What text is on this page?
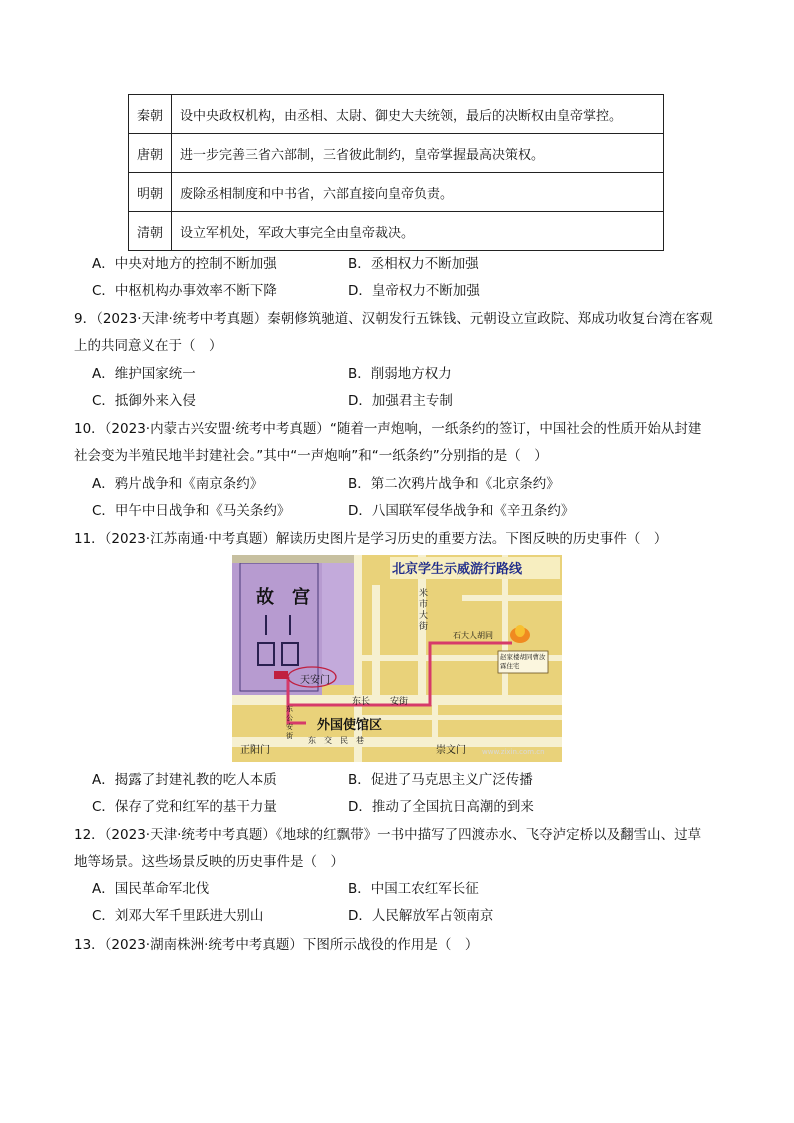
秦朝	设中央政权机构，由丞相、太尉、御史大夫统领，最后的决断权由皇帝掌控。
唐朝	进一步完善三省六部制，三省彼此制约，皇帝掌握最高决策权。
明朝	废除丞相制度和中书省，六部直接向皇帝负责。
清朝	设立军机处，军政大事完全由皇帝裁决。
A．中央对地方的控制不断加强	B．丞相权力不断加强
C．中枢机构办事效率不断下降	D．皇帝权力不断加强
9．（2023·天津·统考中考真题）秦朝修筑驰道、汉朝发行五铢钱、元朝设立宣政院、郑成功收复台湾在客观上的共同意义在于（　）
A．维护国家统一	B．削弱地方权力
C．抵御外来入侵	D．加强君主专制
10．（2023·内蒙古兴安盟·统考中考真题）“随着一声炮响，一纸条约的签订，中国社会的性质开始从封建社会变为半殖民地半封建社会。”其中“一声炮响”和“一纸条约”分别指的是（　）
A．鸦片战争和《南京条约》	B．第二次鸦片战争和《北京条约》
C．甲午中日战争和《马关条约》	D．八国联军侵华战争和《辛丑条约》
11．（2023·江苏南通·中考真题）解读历史图片是学习历史的重要方法。下图反映的历史事件（　）
北京学生示威游行路线
故　宫
天安门
外国使馆区
正阳门	崇文门
东长 安街
米市大街
石大人胡同
赵家楼胡同曹汝霖住宅
东　交　民　巷
东公安街
www.zixin.com.cn
A．揭露了封建礼教的吃人本质	B．促进了马克思主义广泛传播
C．保存了党和红军的基干力量	D．推动了全国抗日高潮的到来
12．（2023·天津·统考中考真题）《地球的红飘带》一书中描写了四渡赤水、飞夺泸定桥以及翻雪山、过草地等场景。这些场景反映的历史事件是（　）
A．国民革命军北伐	B．中国工农红军长征
C．刘邓大军千里跃进大别山	D．人民解放军占领南京
13．（2023·湖南株洲·统考中考真题）下图所示战役的作用是（　）
